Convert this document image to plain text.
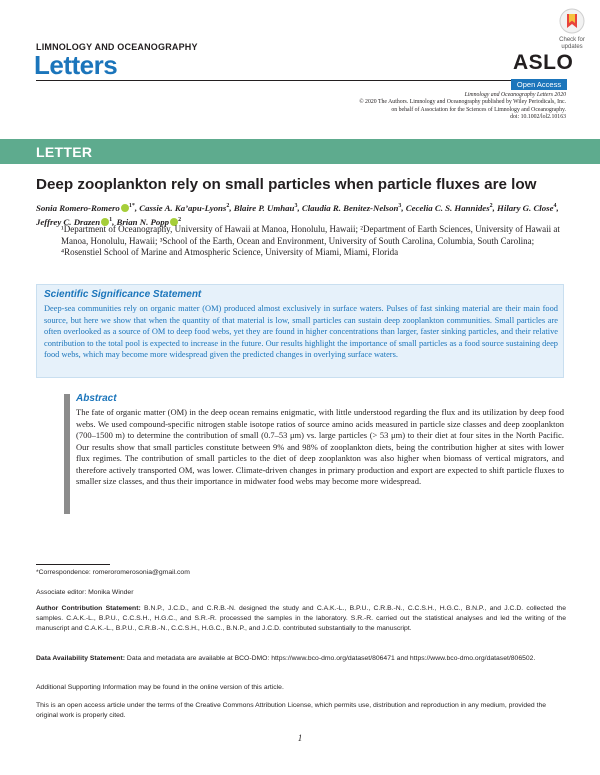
LIMNOLOGY AND OCEANOGRAPHY
Letters
Check for updates
ASLO
Open Access
Limnology and Oceanography Letters 2020
© 2020 The Authors. Limnology and Oceanography published by Wiley Periodicals, Inc.
on behalf of Association for the Sciences of Limnology and Oceanography.
doi: 10.1002/lol2.10163
LETTER
Deep zooplankton rely on small particles when particle fluxes are low
Sonia Romero-Romero $^{1*}$, Cassie A. Ka’apu-Lyons$^2$, Blaire P. Umhau$^3$, Claudia R. Benitez-Nelson$^3$, Cecelia C. S. Hannides$^2$, Hilary G. Close$^4$, Jeffrey C. Drazen $^1$, Brian N. Popp $^2$
¹Department of Oceanography, University of Hawaii at Manoa, Honolulu, Hawaii; ²Department of Earth Sciences, University of Hawaii at Manoa, Honolulu, Hawaii; ³School of the Earth, Ocean and Environment, University of South Carolina, Columbia, South Carolina; ⁴Rosenstiel School of Marine and Atmospheric Science, University of Miami, Miami, Florida
Scientific Significance Statement
Deep-sea communities rely on organic matter (OM) produced almost exclusively in surface waters. Pulses of fast sinking material are their main food source, but here we show that when the quantity of that material is low, small particles can sustain deep zooplankton communities. Small particles are often overlooked as a source of OM to deep food webs, yet they are found in higher concentrations than larger, faster sinking particles, and their relative contribution to the total pool is expected to increase in the future. Our results highlight the importance of small particles as a food source sustaining deep food webs, which may become more widespread given the predicted changes in overlying surface waters.
Abstract
The fate of organic matter (OM) in the deep ocean remains enigmatic, with little understood regarding the flux and its utilization by deep food webs. We used compound-specific nitrogen stable isotope ratios of source amino acids measured in particle size classes and deep zooplankton (700–1500 m) to determine the contribution of small (0.7–53 μm) vs. large particles (> 53 μm) to their diet at four sites in the North Pacific. Our results show that small particles constitute between 9% and 98% of zooplankton diets, being the contribution higher at sites with lower flux regimes. The contribution of small particles to the diet of deep zooplankton was also higher when biomass of vertical migrators, and therefore actively transported OM, was lower. Climate-driven changes in primary production and export are expected to shift particle fluxes to smaller size classes, and thus their importance in midwater food webs may become more widespread.
*Correspondence: romeroromerosonia@gmail.com
Associate editor: Monika Winder
Author Contribution Statement: B.N.P., J.C.D., and C.R.B.-N. designed the study and C.A.K.-L., B.P.U., C.R.B.-N., C.C.S.H., H.G.C., B.N.P., and J.C.D. collected the samples. C.A.K.-L., B.P.U., C.C.S.H., H.G.C., and S.R.-R. processed the samples in the laboratory. S.R.-R. carried out the statistical analyses and led the writing of the manuscript and C.A.K.-L., B.P.U., C.R.B.-N., C.C.S.H., H.G.C., B.N.P., and J.C.D. contributed substantially to the manuscript.
Data Availability Statement: Data and metadata are available at BCO-DMO: https://www.bco-dmo.org/dataset/806471 and https://www.bco-dmo.org/dataset/806502.
Additional Supporting Information may be found in the online version of this article.
This is an open access article under the terms of the Creative Commons Attribution License, which permits use, distribution and reproduction in any medium, provided the original work is properly cited.
1
